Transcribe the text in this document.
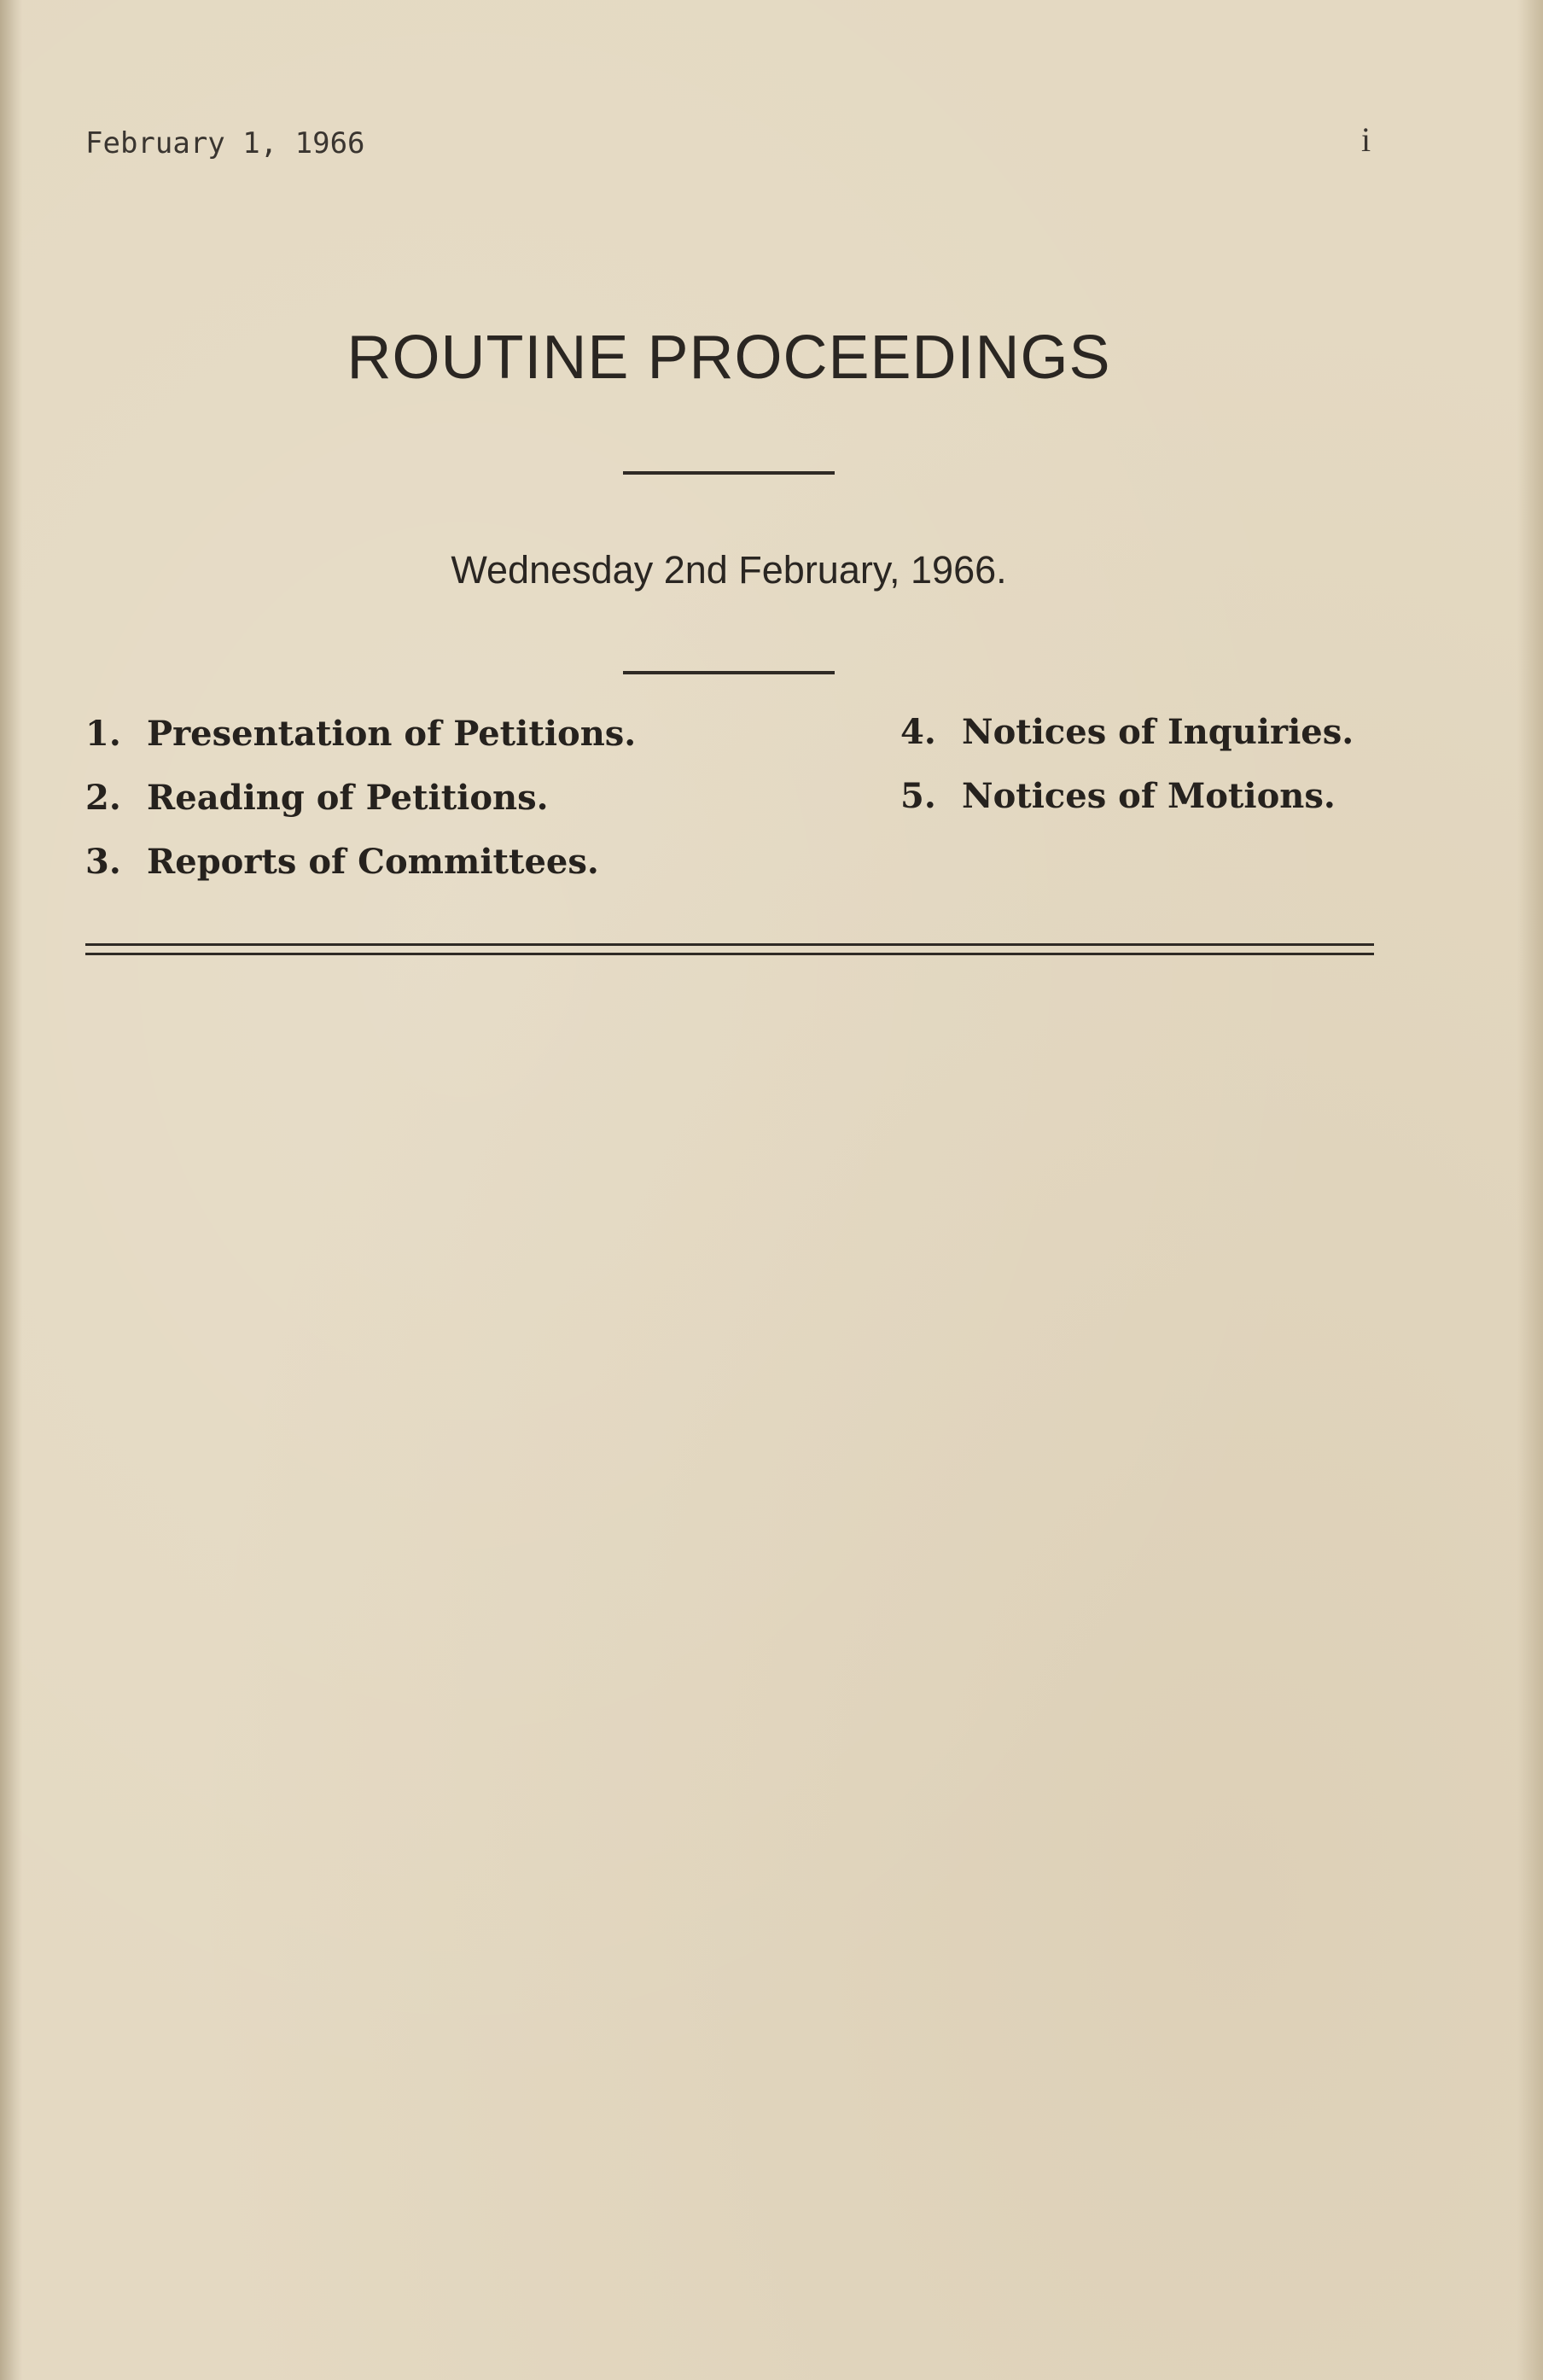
February 1, 1966	i
ROUTINE PROCEEDINGS
Wednesday 2nd February, 1966.
1. Presentation of Petitions.
2. Reading of Petitions.
3. Reports of Committees.
4. Notices of Inquiries.
5. Notices of Motions.
